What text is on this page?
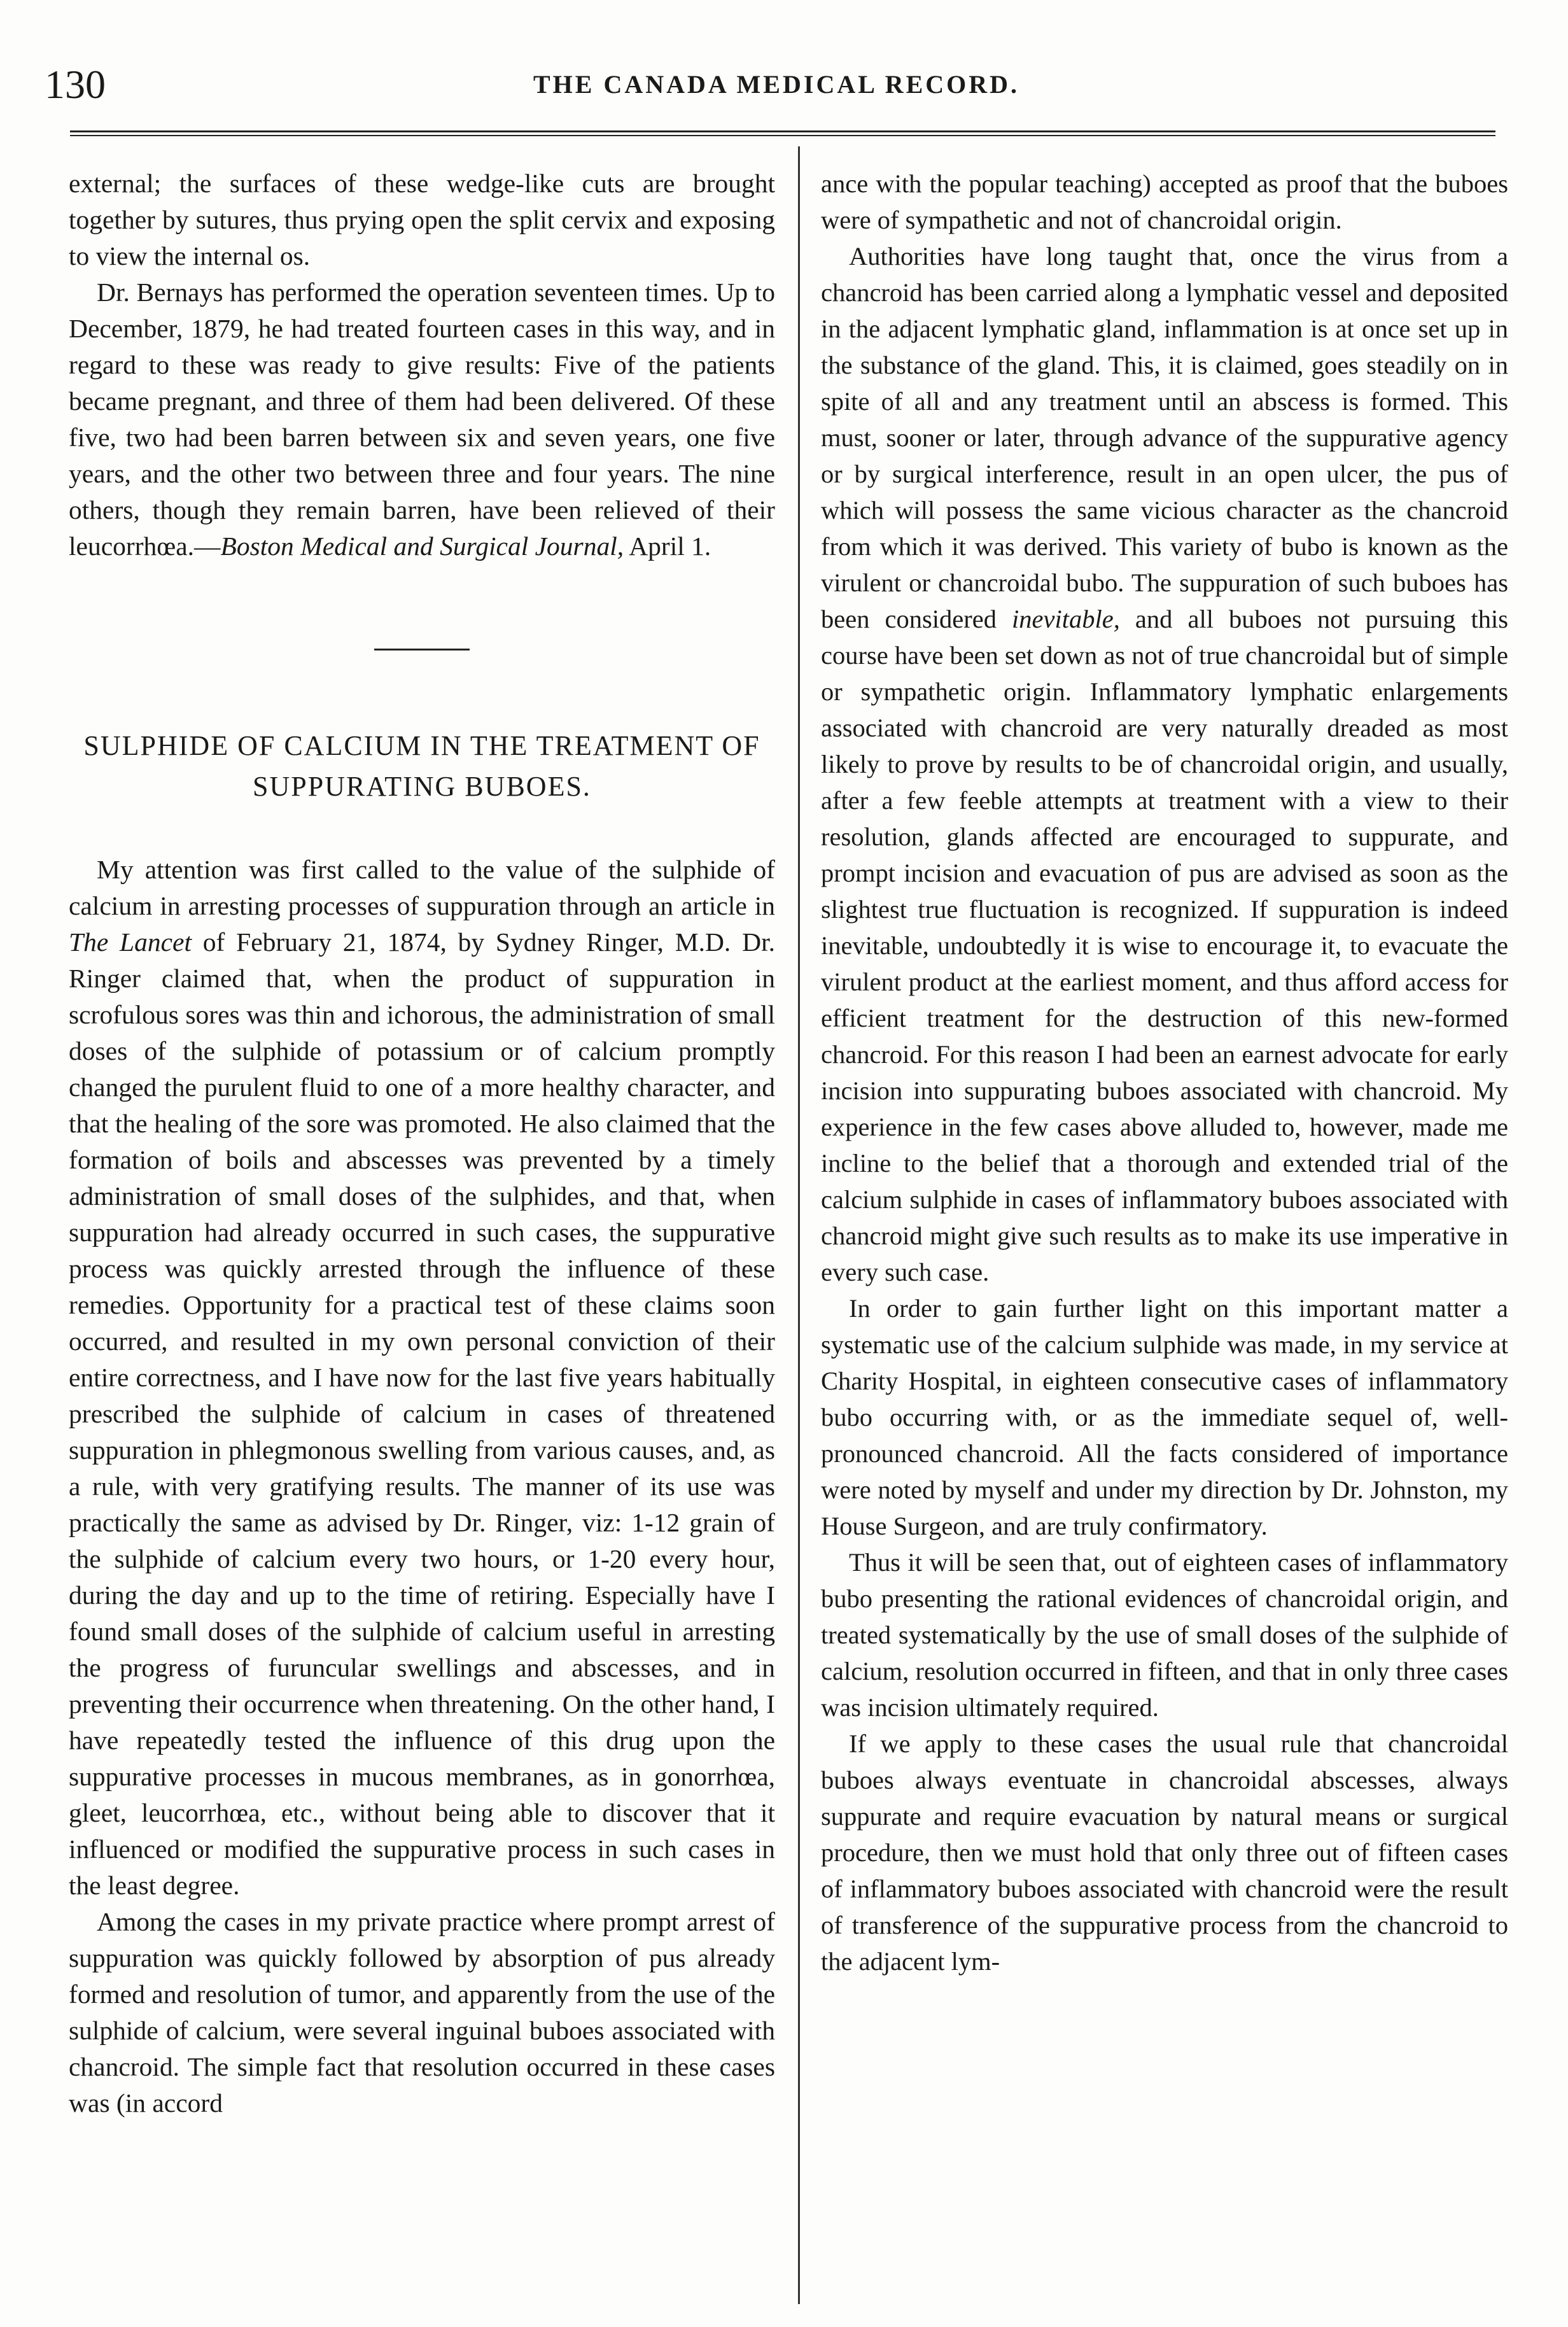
130	THE CANADA MEDICAL RECORD.

external; the surfaces of these wedge-like cuts are brought together by sutures, thus prying open the split cervix and exposing to view the internal os.

Dr. Bernays has performed the operation seventeen times. Up to December, 1879, he had treated fourteen cases in this way, and in regard to these was ready to give results: Five of the patients became pregnant, and three of them had been delivered. Of these five, two had been barren between six and seven years, one five years, and the other two between three and four years. The nine others, though they remain barren, have been relieved of their leucorrhœa.—Boston Medical and Surgical Journal, April 1.

SULPHIDE OF CALCIUM IN THE TREATMENT OF SUPPURATING BUBOES.

My attention was first called to the value of the sulphide of calcium in arresting processes of suppuration through an article in The Lancet of February 21, 1874, by Sydney Ringer, M.D. Dr. Ringer claimed that, when the product of suppuration in scrofulous sores was thin and ichorous, the administration of small doses of the sulphide of potassium or of calcium promptly changed the purulent fluid to one of a more healthy character, and that the healing of the sore was promoted. He also claimed that the formation of boils and abscesses was prevented by a timely administration of small doses of the sulphides, and that, when suppuration had already occurred in such cases, the suppurative process was quickly arrested through the influence of these remedies. Opportunity for a practical test of these claims soon occurred, and resulted in my own personal conviction of their entire correctness, and I have now for the last five years habitually prescribed the sulphide of calcium in cases of threatened suppuration in phlegmonous swelling from various causes, and, as a rule, with very gratifying results. The manner of its use was practically the same as advised by Dr. Ringer, viz: 1-12 grain of the sulphide of calcium every two hours, or 1-20 every hour, during the day and up to the time of retiring. Especially have I found small doses of the sulphide of calcium useful in arresting the progress of furuncular swellings and abscesses, and in preventing their occurrence when threatening. On the other hand, I have repeatedly tested the influence of this drug upon the suppurative processes in mucous membranes, as in gonorrhœa, gleet, leucorrhœa, etc., without being able to discover that it influenced or modified the suppurative process in such cases in the least degree.

Among the cases in my private practice where prompt arrest of suppuration was quickly followed by absorption of pus already formed and resolution of tumor, and apparently from the use of the sulphide of calcium, were several inguinal buboes associated with chancroid. The simple fact that resolution occurred in these cases was (in accord

ance with the popular teaching) accepted as proof that the buboes were of sympathetic and not of chancroidal origin.

Authorities have long taught that, once the virus from a chancroid has been carried along a lymphatic vessel and deposited in the adjacent lymphatic gland, inflammation is at once set up in the substance of the gland. This, it is claimed, goes steadily on in spite of all and any treatment until an abscess is formed. This must, sooner or later, through advance of the suppurative agency or by surgical interference, result in an open ulcer, the pus of which will possess the same vicious character as the chancroid from which it was derived. This variety of bubo is known as the virulent or chancroidal bubo. The suppuration of such buboes has been considered inevitable, and all buboes not pursuing this course have been set down as not of true chancroidal but of simple or sympathetic origin. Inflammatory lymphatic enlargements associated with chancroid are very naturally dreaded as most likely to prove by results to be of chancroidal origin, and usually, after a few feeble attempts at treatment with a view to their resolution, glands affected are encouraged to suppurate, and prompt incision and evacuation of pus are advised as soon as the slightest true fluctuation is recognized. If suppuration is indeed inevitable, undoubtedly it is wise to encourage it, to evacuate the virulent product at the earliest moment, and thus afford access for efficient treatment for the destruction of this new-formed chancroid. For this reason I had been an earnest advocate for early incision into suppurating buboes associated with chancroid. My experience in the few cases above alluded to, however, made me incline to the belief that a thorough and extended trial of the calcium sulphide in cases of inflammatory buboes associated with chancroid might give such results as to make its use imperative in every such case.

In order to gain further light on this important matter a systematic use of the calcium sulphide was made, in my service at Charity Hospital, in eighteen consecutive cases of inflammatory bubo occurring with, or as the immediate sequel of, well-pronounced chancroid. All the facts considered of importance were noted by myself and under my direction by Dr. Johnston, my House Surgeon, and are truly confirmatory.

Thus it will be seen that, out of eighteen cases of inflammatory bubo presenting the rational evidences of chancroidal origin, and treated systematically by the use of small doses of the sulphide of calcium, resolution occurred in fifteen, and that in only three cases was incision ultimately required.

If we apply to these cases the usual rule that chancroidal buboes always eventuate in chancroidal abscesses, always suppurate and require evacuation by natural means or surgical procedure, then we must hold that only three out of fifteen cases of inflammatory buboes associated with chancroid were the result of transference of the suppurative process from the chancroid to the adjacent lym-
